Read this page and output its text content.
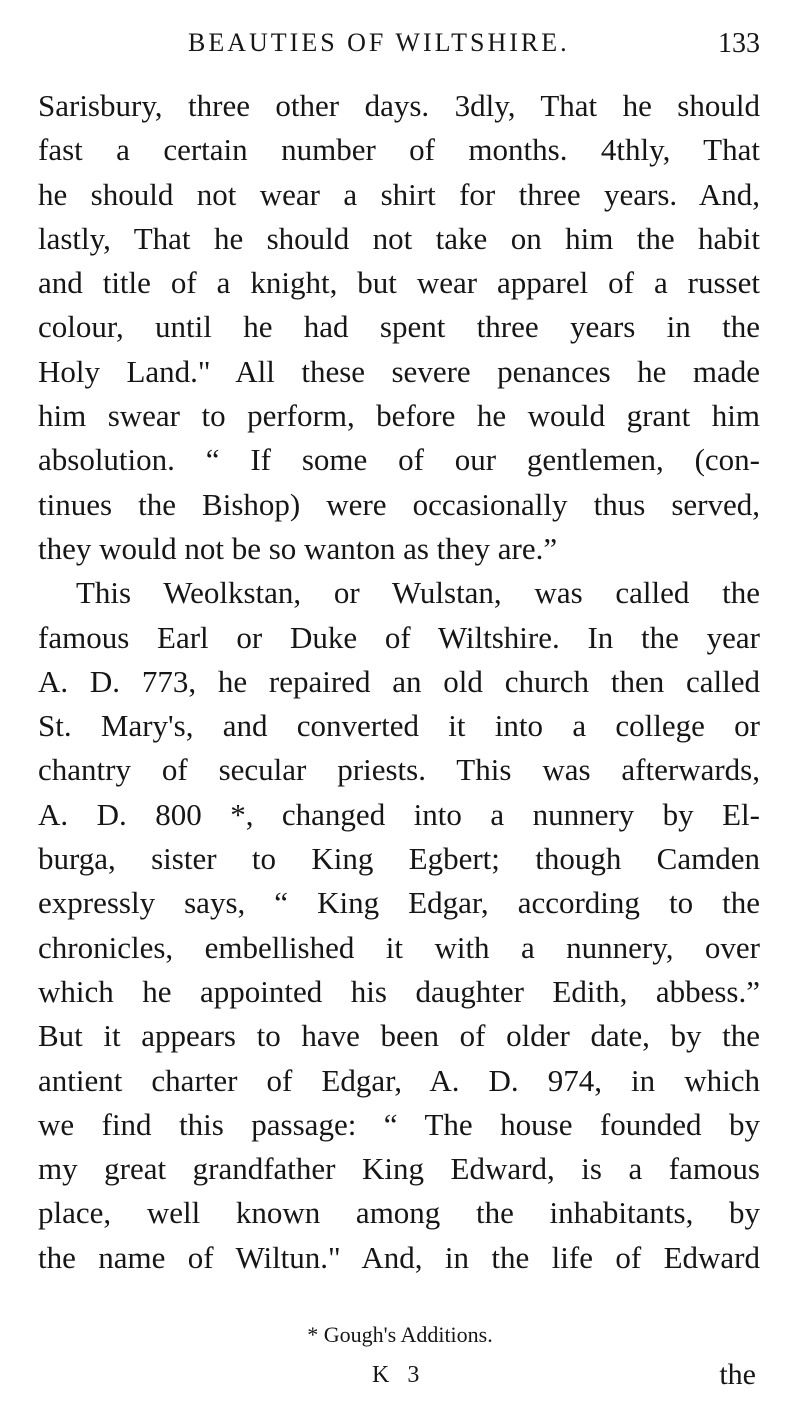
BEAUTIES OF WILTSHIRE.	133
Sarisbury, three other days. 3dly, That he should
fast a certain number of months. 4thly, That
he should not wear a shirt for three years. And,
lastly, That he should not take on him the habit
and title of a knight, but wear apparel of a russet
colour, until he had spent three years in the
Holy Land." All these severe penances he made
him swear to perform, before he would grant him
absolution. “ If some of our gentlemen, (con-
tinues the Bishop) were occasionally thus served,
they would not be so wanton as they are.”
This Weolkstan, or Wulstan, was called the
famous Earl or Duke of Wiltshire. In the year
A. D. 773, he repaired an old church then called
St. Mary's, and converted it into a college or
chantry of secular priests. This was afterwards,
A. D. 800 *, changed into a nunnery by El-
burga, sister to King Egbert; though Camden
expressly says, “ King Edgar, according to the
chronicles, embellished it with a nunnery, over
which he appointed his daughter Edith, abbess.”
But it appears to have been of older date, by the
antient charter of Edgar, A. D. 974, in which
we find this passage: “ The house founded by
my great grandfather King Edward, is a famous
place, well known among the inhabitants, by
the name of Wiltun." And, in the life of Edward
* Gough's Additions.
K 3	the
